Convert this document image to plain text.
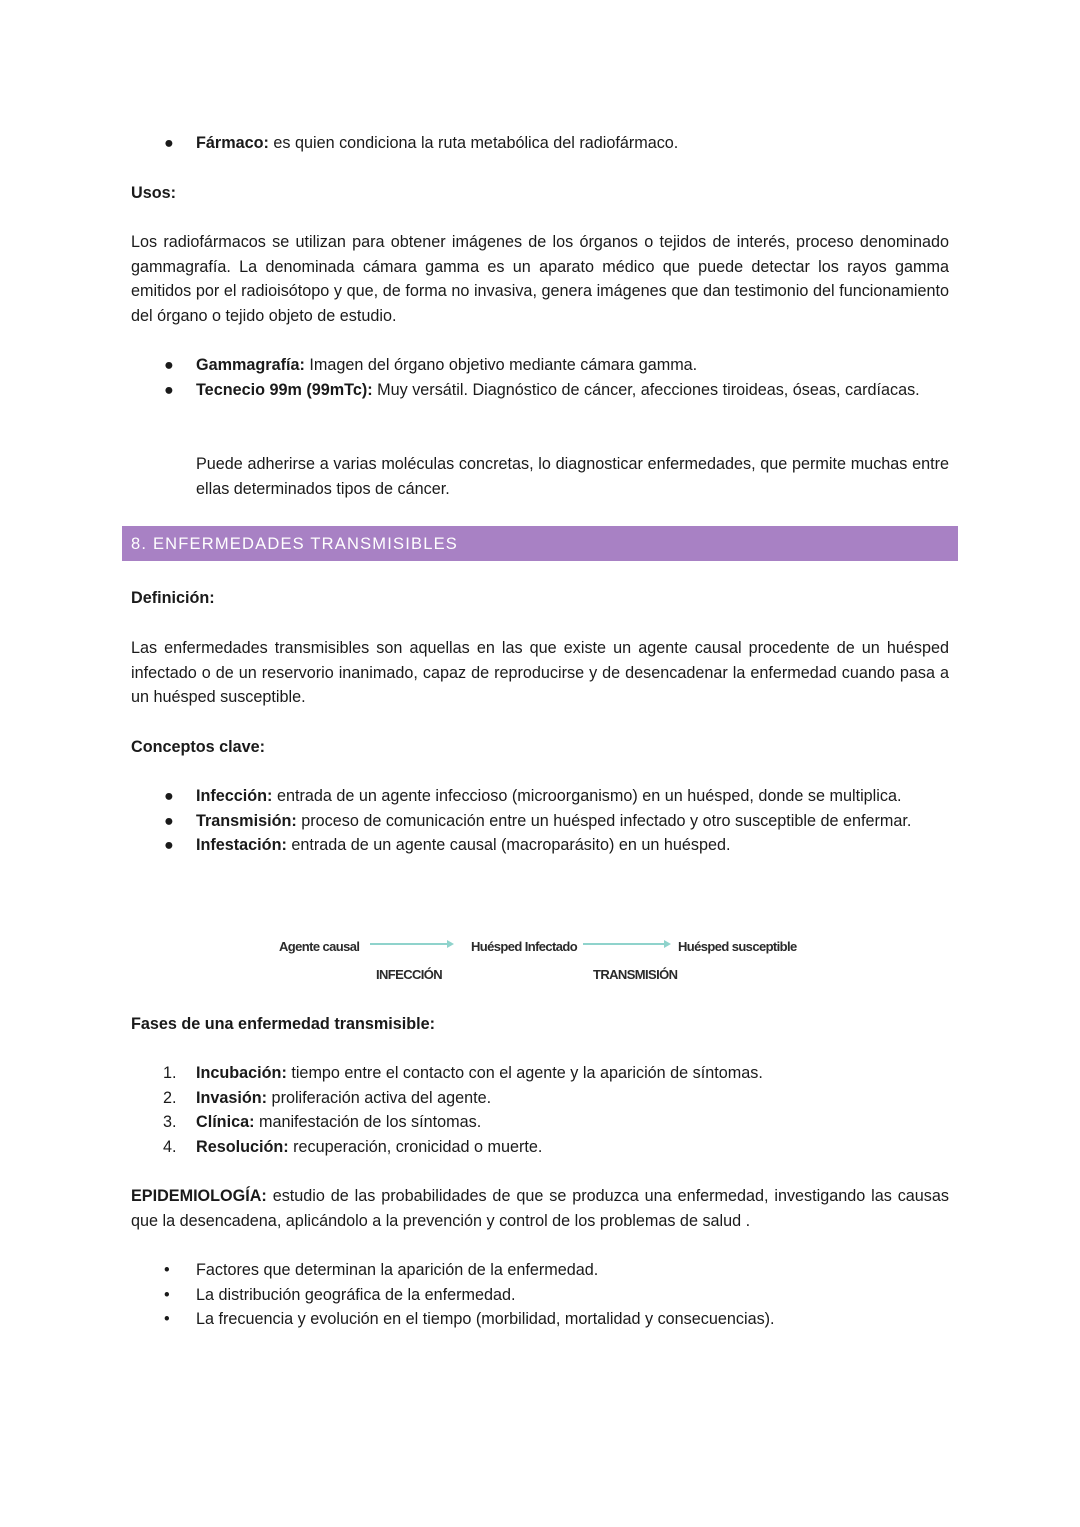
● Fármaco: es quien condiciona la ruta metabólica del radiofármaco.
Usos:
Los radiofármacos se utilizan para obtener imágenes de los órganos o tejidos de interés, proceso denominado gammagrafía. La denominada cámara gamma es un aparato médico que puede detectar los rayos gamma emitidos por el radioisótopo y que, de forma no invasiva, genera imágenes que dan testimonio del funcionamiento del órgano o tejido objeto de estudio.
● Gammagrafía: Imagen del órgano objetivo mediante cámara gamma.
● Tecnecio 99m (99mTc): Muy versátil. Diagnóstico de cáncer, afecciones tiroideas, óseas, cardíacas.
Puede adherirse a varias moléculas concretas, lo diagnosticar enfermedades, que permite muchas entre ellas determinados tipos de cáncer.
8. ENFERMEDADES TRANSMISIBLES
Definición:
Las enfermedades transmisibles son aquellas en las que existe un agente causal procedente de un huésped infectado o de un reservorio inanimado, capaz de reproducirse y de desencadenar la enfermedad cuando pasa a un huésped susceptible.
Conceptos clave:
● Infección: entrada de un agente infeccioso (microorganismo) en un huésped, donde se multiplica.
● Transmisión: proceso de comunicación entre un huésped infectado y otro susceptible de enfermar.
● Infestación: entrada de un agente causal (macroparásito) en un huésped.
Agente causal	Huésped Infectado	Huésped susceptible
INFECCIÓN	TRANSMISIÓN
Fases de una enfermedad transmisible:
1. Incubación: tiempo entre el contacto con el agente y la aparición de síntomas.
2. Invasión: proliferación activa del agente.
3. Clínica: manifestación de los síntomas.
4. Resolución: recuperación, cronicidad o muerte.
EPIDEMIOLOGÍA: estudio de las probabilidades de que se produzca una enfermedad, investigando las causas que la desencadena, aplicándolo a la prevención y control de los problemas de salud .
• Factores que determinan la aparición de la enfermedad.
• La distribución geográfica de la enfermedad.
• La frecuencia y evolución en el tiempo (morbilidad, mortalidad y consecuencias).
